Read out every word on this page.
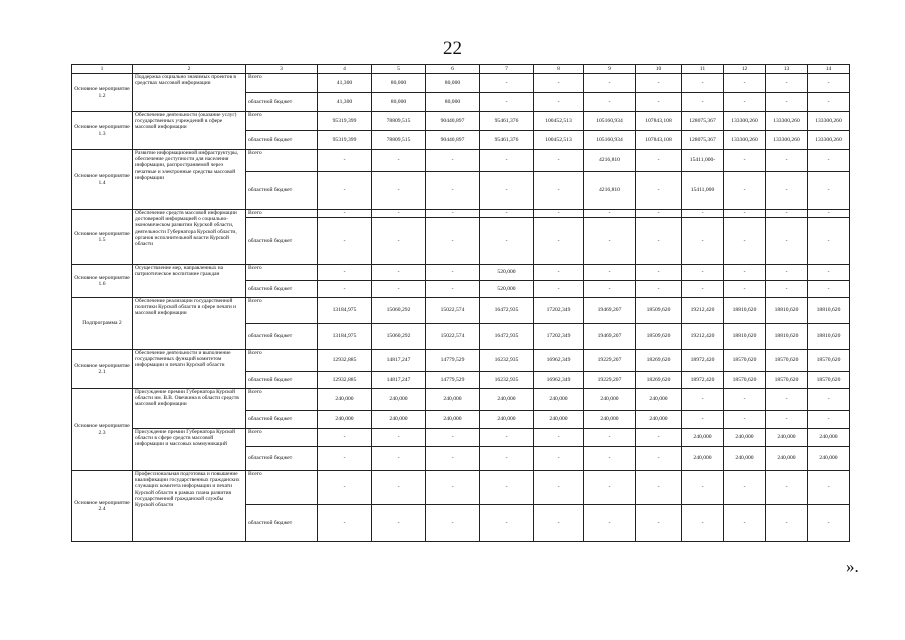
22
1	2	3	4	5	6	7	8	9	10	11	12	13	14
Основное мероприятие 1.2	Поддержка социально значимых проектов в средствах массовой информации	Всего	41,300	80,000	80,000	-	-	-	-	-	-	-	-
		областной бюджет	41,300	80,000	80,000	-	-	-	-	-	-	-	-
Основное мероприятие 1.3	Обеспечение деятельности (оказание услуг) государственных учреждений в сфере массовой информации	Всего	95319,399	78809,515	90440,897	95461,376	100452,513	105160,934	107843,108	128075,367	133300,260	133300,260	133300,260
		областной бюджет	95319,399	78809,515	90440,897	95461,376	100452,513	105160,934	107843,108	128075,367	133300,260	133300,260	133300,260
Основное мероприятие 1.4	Развитие информационной инфраструктуры, обеспечение доступности для населения информации, распространяемой через печатные и электронные средства массовой информации	Всего	-	-	-	-	-	4216,810	-	15411,000-	-	-	-
		областной бюджет	-	-	-	-	-	4216,810	-	15411,000	-	-	-
Основное мероприятие 1.5	Обеспечение средств массовой информации достоверной информацией о социально-экономическом развитии Курской области, деятельности Губернатора Курской области, органов исполнительной власти Курской области	Всего	-	-	-	-	-	-	-	-	-	-	-
		областной бюджет	-	-	-	-	-	-	-	-	-	-	-
Основное мероприятие 1.6	Осуществление мер, направленных на патриотическое воспитание граждан	Всего	-	-	-	520,000	-	-	-	-	-	-	-
		областной бюджет	-	-	-	520,000	-	-	-	-	-	-	-
Подпрограмма 2	Обеспечение реализации государственной политики Курской области в сфере печати и массовой информации	Всего	13184,975	15060,292	15022,574	16472,935	17202,349	19469,207	18509,620	19212,420	18810,620	18810,620	18810,620
		областной бюджет	13184,975	15060,292	15022,574	16472,935	17202,349	19469,207	18509,620	19212,420	18810,620	18810,620	18810,620
Основное мероприятие 2.1	Обеспечение деятельности и выполнение государственных функций комитетом информации и печати Курской области	Всего	12932,885	14817,247	14779,529	16232,935	16962,349	19229,207	18269,620	18972,420	18570,620	18570,620	18570,620
		областной бюджет	12932,885	14817,247	14779,529	16232,935	16962,349	19229,207	18269,620	18972,420	18570,620	18570,620	18570,620
Основное мероприятие 2.3	Присуждение премии Губернатора Курской области им. В.В. Овечкина в области средств массовой информации	Всего	240,000	240,000	240,000	240,000	240,000	240,000	240,000	-	-	-	-
		областной бюджет	240,000	240,000	240,000	240,000	240,000	240,000	240,000	-	-	-	-
	Присуждение премии Губернатора Курской области в сфере средств массовой информации и массовых коммуникаций	Всего	-	-	-	-	-	-	-	240,000	240,000	240,000	240,000
		областной бюджет	-	-	-	-	-	-	-	240,000	240,000	240,000	240,000
Основное мероприятие 2.4	Профессиональная подготовка и повышение квалификации государственных гражданских служащих комитета информации и печати Курской области в рамках плана развития государственной гражданской службы Курской области	Всего	-	-	-	-	-	-	-	-	-	-	-
		областной бюджет	-	-	-	-	-	-	-	-	-	-	-
».
